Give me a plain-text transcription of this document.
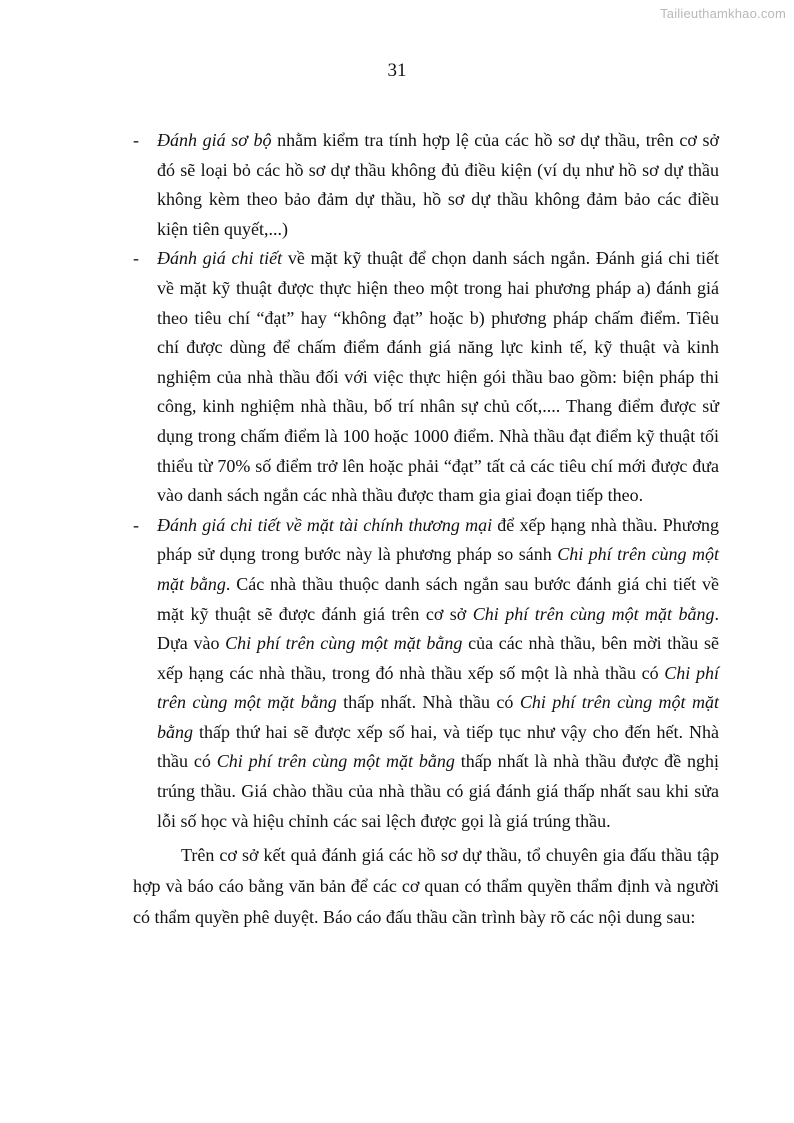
Tailieuthamkhao.com
31
- Đánh giá sơ bộ nhằm kiểm tra tính hợp lệ của các hồ sơ dự thầu, trên cơ sở đó sẽ loại bỏ các hồ sơ dự thầu không đủ điều kiện (ví dụ như hồ sơ dự thầu không kèm theo bảo đảm dự thầu, hồ sơ dự thầu không đảm bảo các điều kiện tiên quyết,...)
- Đánh giá chi tiết về mặt kỹ thuật để chọn danh sách ngắn. Đánh giá chi tiết về mặt kỹ thuật được thực hiện theo một trong hai phương pháp a) đánh giá theo tiêu chí “đạt” hay “không đạt” hoặc b) phương pháp chấm điểm. Tiêu chí được dùng để chấm điểm đánh giá năng lực kinh tế, kỹ thuật và kinh nghiệm của nhà thầu đối với việc thực hiện gói thầu bao gồm: biện pháp thi công, kinh nghiệm nhà thầu, bố trí nhân sự chủ cốt,.... Thang điểm được sử dụng trong chấm điểm là 100 hoặc 1000 điểm. Nhà thầu đạt điểm kỹ thuật tối thiểu từ 70% số điểm trở lên hoặc phải “đạt” tất cả các tiêu chí mới được đưa vào danh sách ngắn các nhà thầu được tham gia giai đoạn tiếp theo.
- Đánh giá chi tiết về mặt tài chính thương mại để xếp hạng nhà thầu. Phương pháp sử dụng trong bước này là phương pháp so sánh Chi phí trên cùng một mặt bằng. Các nhà thầu thuộc danh sách ngắn sau bước đánh giá chi tiết về mặt kỹ thuật sẽ được đánh giá trên cơ sở Chi phí trên cùng một mặt bằng. Dựa vào Chi phí trên cùng một mặt bằng của các nhà thầu, bên mời thầu sẽ xếp hạng các nhà thầu, trong đó nhà thầu xếp số một là nhà thầu có Chi phí trên cùng một mặt bằng thấp nhất. Nhà thầu có Chi phí trên cùng một mặt bằng thấp thứ hai sẽ được xếp số hai, và tiếp tục như vậy cho đến hết. Nhà thầu có Chi phí trên cùng một mặt bằng thấp nhất là nhà thầu được đề nghị trúng thầu. Giá chào thầu của nhà thầu có giá đánh giá thấp nhất sau khi sửa lỗi số học và hiệu chỉnh các sai lệch được gọi là giá trúng thầu.

Trên cơ sở kết quả đánh giá các hồ sơ dự thầu, tổ chuyên gia đấu thầu tập hợp và báo cáo bằng văn bản để các cơ quan có thẩm quyền thẩm định và người có thẩm quyền phê duyệt. Báo cáo đấu thầu cần trình bày rõ các nội dung sau:
